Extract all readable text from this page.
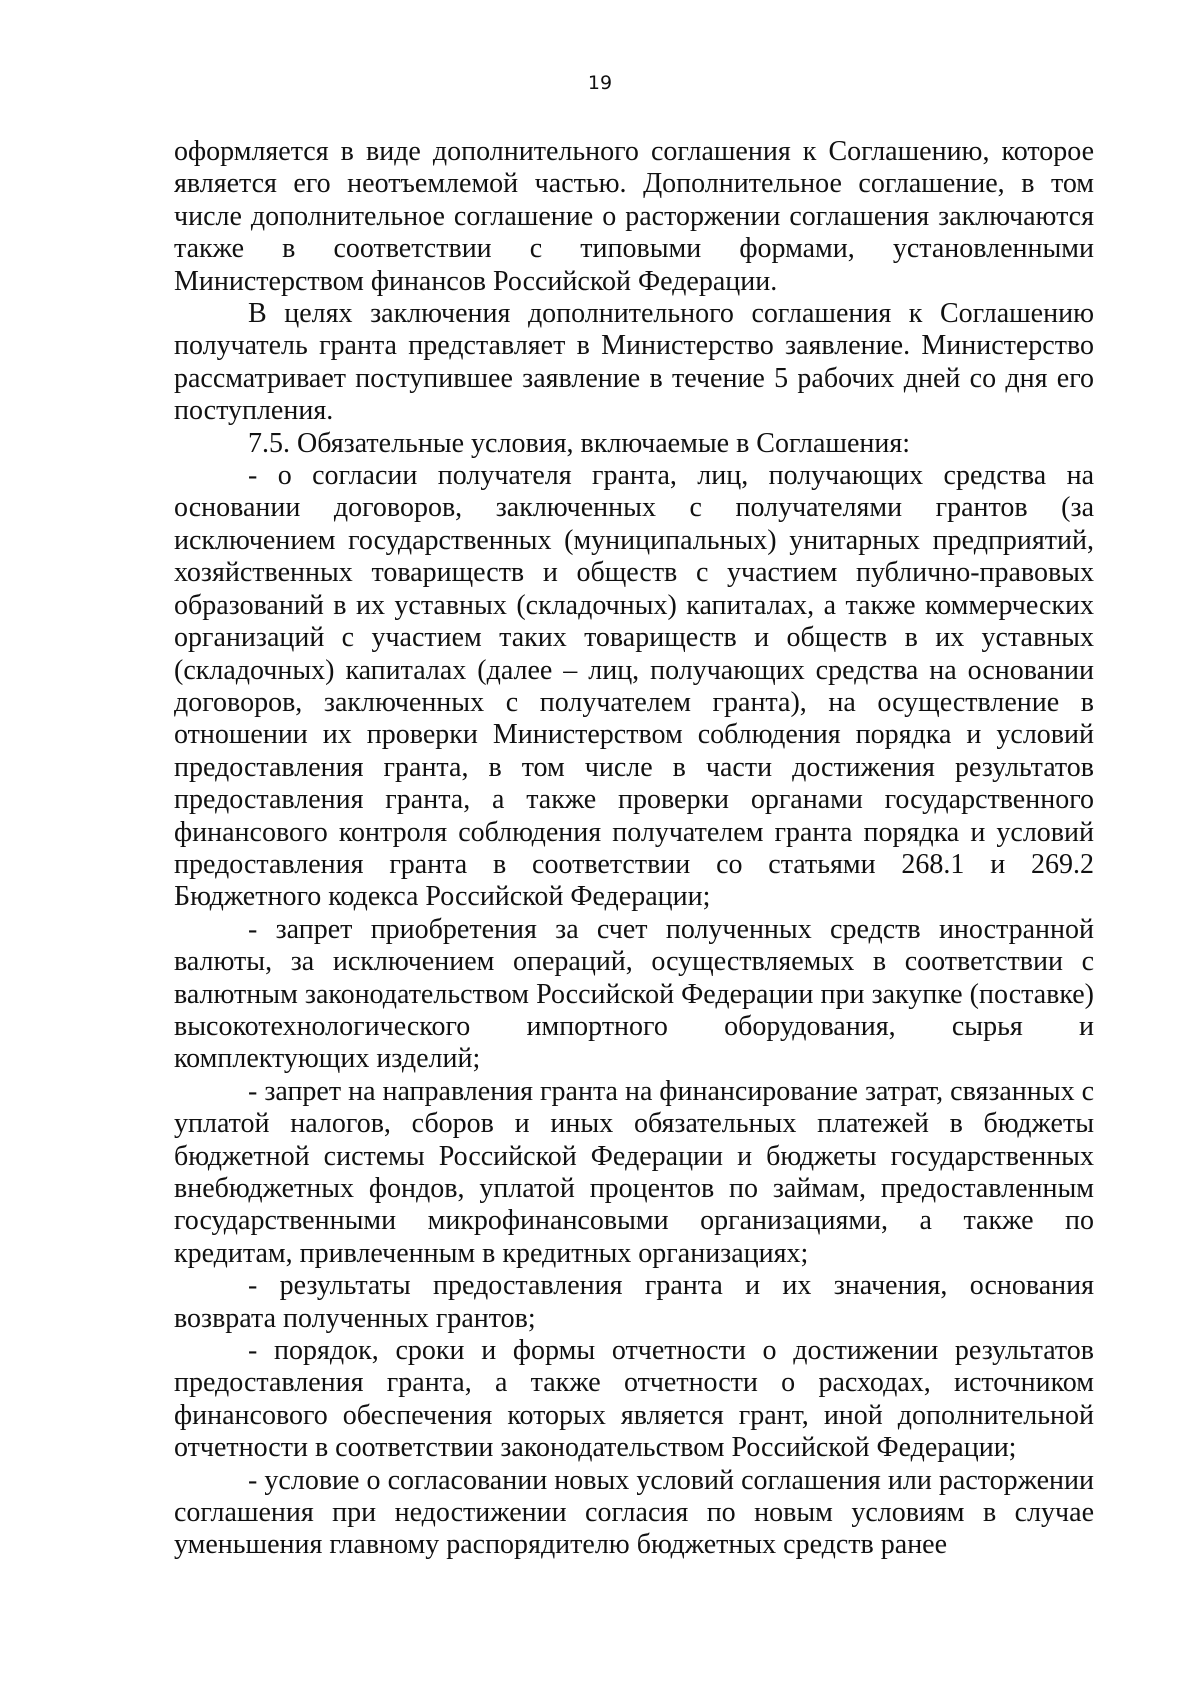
19

оформляется в виде дополнительного соглашения к Соглашению, которое является его неотъемлемой частью. Дополнительное соглашение, в том числе дополнительное соглашение о расторжении соглашения заключаются также в соответствии с типовыми формами, установленными Министерством финансов Российской Федерации.

В целях заключения дополнительного соглашения к Соглашению получатель гранта представляет в Министерство заявление. Министерство рассматривает поступившее заявление в течение 5 рабочих дней со дня его поступления.

7.5. Обязательные условия, включаемые в Соглашения:

- о согласии получателя гранта, лиц, получающих средства на основании договоров, заключенных с получателями грантов (за исключением государственных (муниципальных) унитарных предприятий, хозяйственных товариществ и обществ с участием публично-правовых образований в их уставных (складочных) капиталах, а также коммерческих организаций с участием таких товариществ и обществ в их уставных (складочных) капиталах (далее – лиц, получающих средства на основании договоров, заключенных с получателем гранта), на осуществление в отношении их проверки Министерством соблюдения порядка и условий предоставления гранта, в том числе в части достижения результатов предоставления гранта, а также проверки органами государственного финансового контроля соблюдения получателем гранта порядка и условий предоставления гранта в соответствии со статьями 268.1 и 269.2 Бюджетного кодекса Российской Федерации;

- запрет приобретения за счет полученных средств иностранной валюты, за исключением операций, осуществляемых в соответствии с валютным законодательством Российской Федерации при закупке (поставке) высокотехнологического импортного оборудования, сырья и комплектующих изделий;

- запрет на направления гранта на финансирование затрат, связанных с уплатой налогов, сборов и иных обязательных платежей в бюджеты бюджетной системы Российской Федерации и бюджеты государственных внебюджетных фондов, уплатой процентов по займам, предоставленным государственными микрофинансовыми организациями, а также по кредитам, привлеченным в кредитных организациях;

- результаты предоставления гранта и их значения, основания возврата полученных грантов;

- порядок, сроки и формы отчетности о достижении результатов предоставления гранта, а также отчетности о расходах, источником финансового обеспечения которых является грант, иной дополнительной отчетности в соответствии законодательством Российской Федерации;

- условие о согласовании новых условий соглашения или расторжении соглашения при недостижении согласия по новым условиям в случае уменьшения главному распорядителю бюджетных средств ранее
